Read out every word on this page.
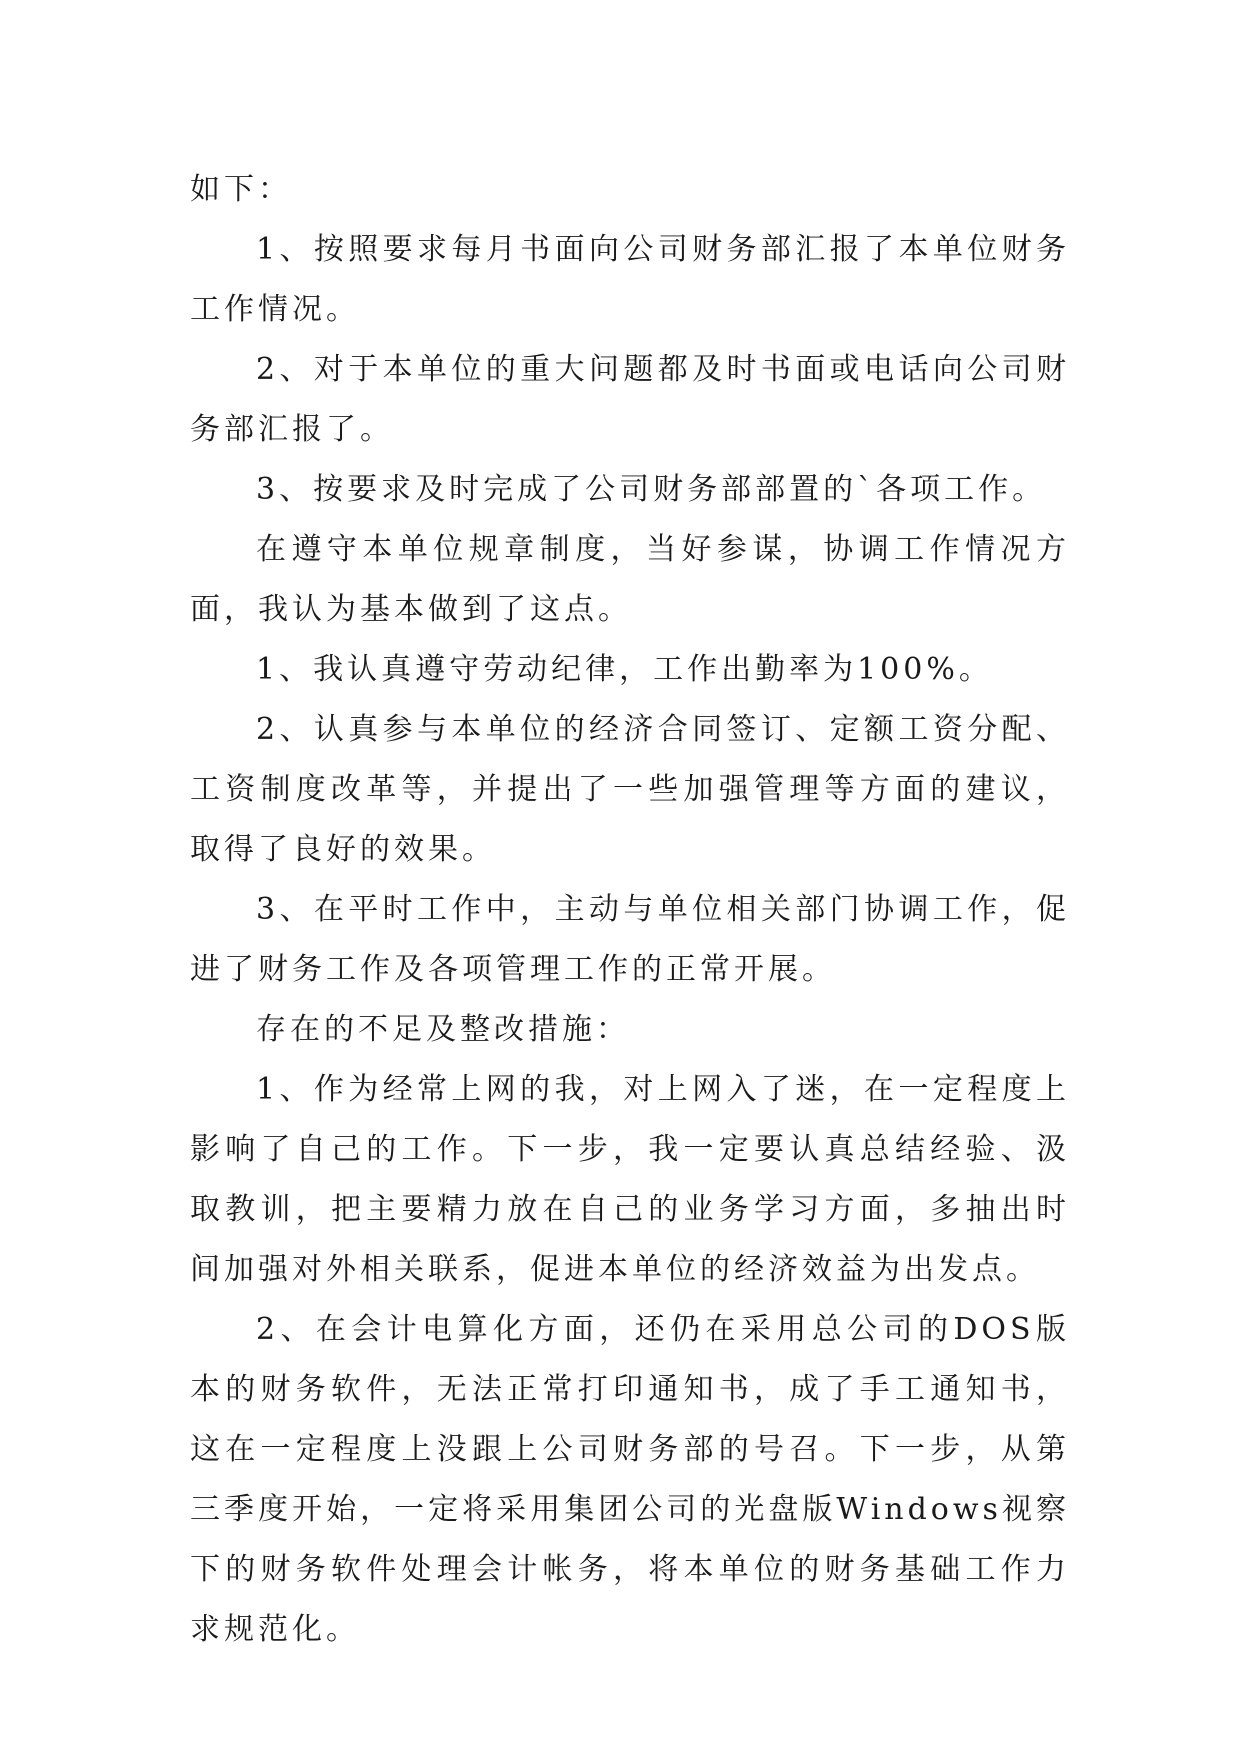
如下：

1、按照要求每月书面向公司财务部汇报了本单位财务工作情况。

2、对于本单位的重大问题都及时书面或电话向公司财务部汇报了。

3、按要求及时完成了公司财务部部置的`各项工作。

在遵守本单位规章制度，当好参谋，协调工作情况方面，我认为基本做到了这点。

1、我认真遵守劳动纪律，工作出勤率为100%。

2、认真参与本单位的经济合同签订、定额工资分配、工资制度改革等，并提出了一些加强管理等方面的建议，取得了良好的效果。

3、在平时工作中，主动与单位相关部门协调工作，促进了财务工作及各项管理工作的正常开展。

存在的不足及整改措施：

1、作为经常上网的我，对上网入了迷，在一定程度上影响了自己的工作。下一步，我一定要认真总结经验、汲取教训，把主要精力放在自己的业务学习方面，多抽出时间加强对外相关联系，促进本单位的经济效益为出发点。

2、在会计电算化方面，还仍在采用总公司的DOS版本的财务软件，无法正常打印通知书，成了手工通知书，这在一定程度上没跟上公司财务部的号召。下一步，从第三季度开始，一定将采用集团公司的光盘版Windows视察下的财务软件处理会计帐务，将本单位的财务基础工作力求规范化。
